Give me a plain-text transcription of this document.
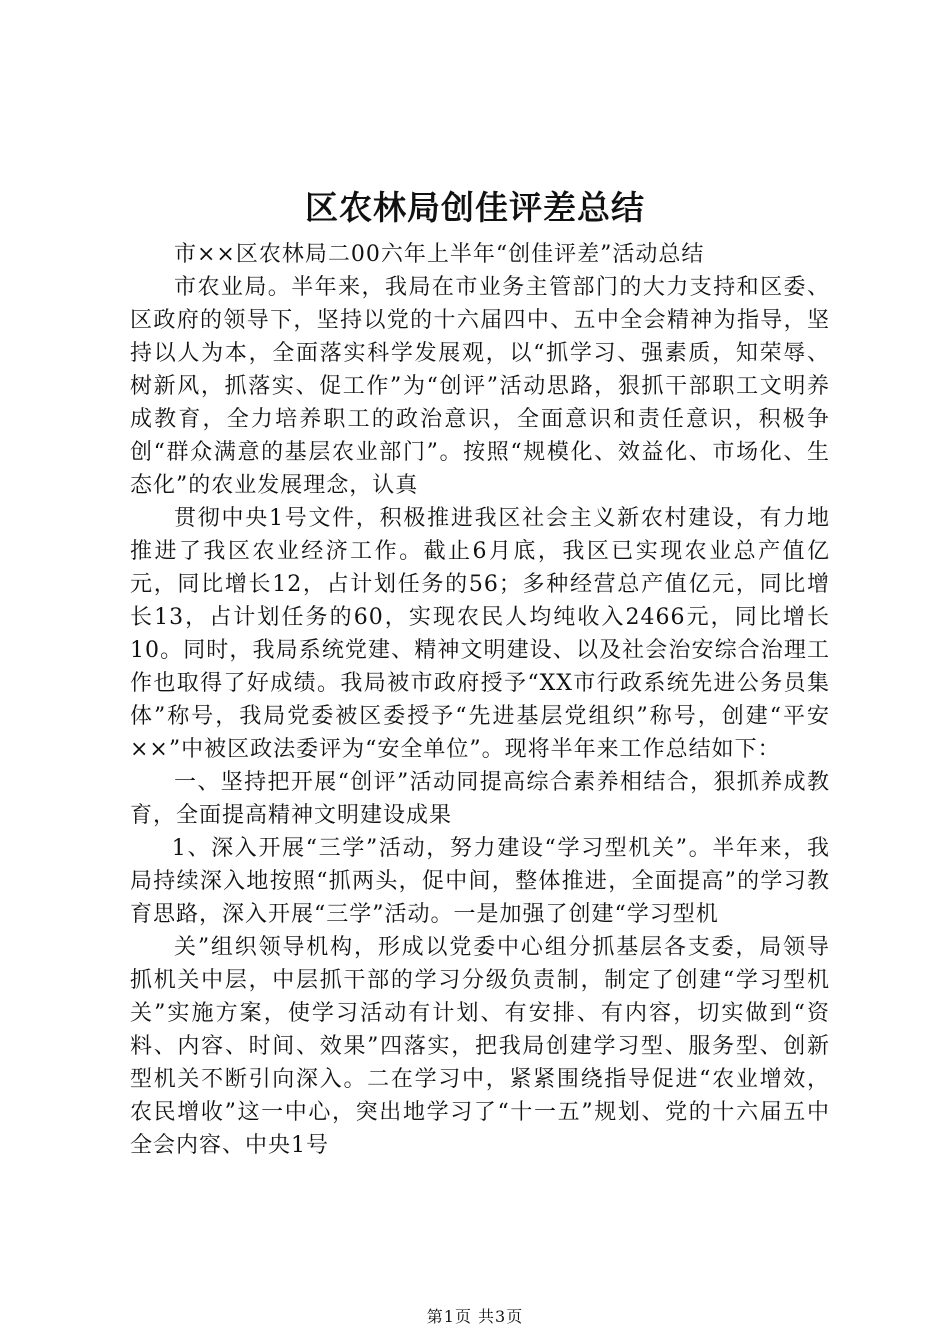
区农林局创佳评差总结

市××区农林局二00六年上半年“创佳评差”活动总结

市农业局。半年来，我局在市业务主管部门的大力支持和区委、区政府的领导下，坚持以党的十六届四中、五中全会精神为指导，坚持以人为本，全面落实科学发展观，以“抓学习、强素质，知荣辱、树新风，抓落实、促工作”为“创评”活动思路，狠抓干部职工文明养成教育，全力培养职工的政治意识，全面意识和责任意识，积极争创“群众满意的基层农业部门”。按照“规模化、效益化、市场化、生态化”的农业发展理念，认真

贯彻中央1号文件，积极推进我区社会主义新农村建设，有力地推进了我区农业经济工作。截止6月底，我区已实现农业总产值亿元，同比增长12，占计划任务的56；多种经营总产值亿元，同比增长13，占计划任务的60，实现农民人均纯收入2466元，同比增长10。同时，我局系统党建、精神文明建设、以及社会治安综合治理工作也取得了好成绩。我局被市政府授予“XX市行政系统先进公务员集体”称号，我局党委被区委授予“先进基层党组织”称号，创建“平安××”中被区政法委评为“安全单位”。现将半年来工作总结如下：

一、坚持把开展“创评”活动同提高综合素养相结合，狠抓养成教育，全面提高精神文明建设成果

1、深入开展“三学”活动，努力建设“学习型机关”。半年来，我局持续深入地按照“抓两头，促中间，整体推进，全面提高”的学习教育思路，深入开展“三学”活动。一是加强了创建“学习型机

关”组织领导机构，形成以党委中心组分抓基层各支委，局领导抓机关中层，中层抓干部的学习分级负责制，制定了创建“学习型机关”实施方案，使学习活动有计划、有安排、有内容，切实做到“资料、内容、时间、效果”四落实，把我局创建学习型、服务型、创新型机关不断引向深入。二在学习中，紧紧围绕指导促进“农业增效，农民增收”这一中心，突出地学习了“十一五”规划、党的十六届五中全会内容、中央1号

第1页 共3页
